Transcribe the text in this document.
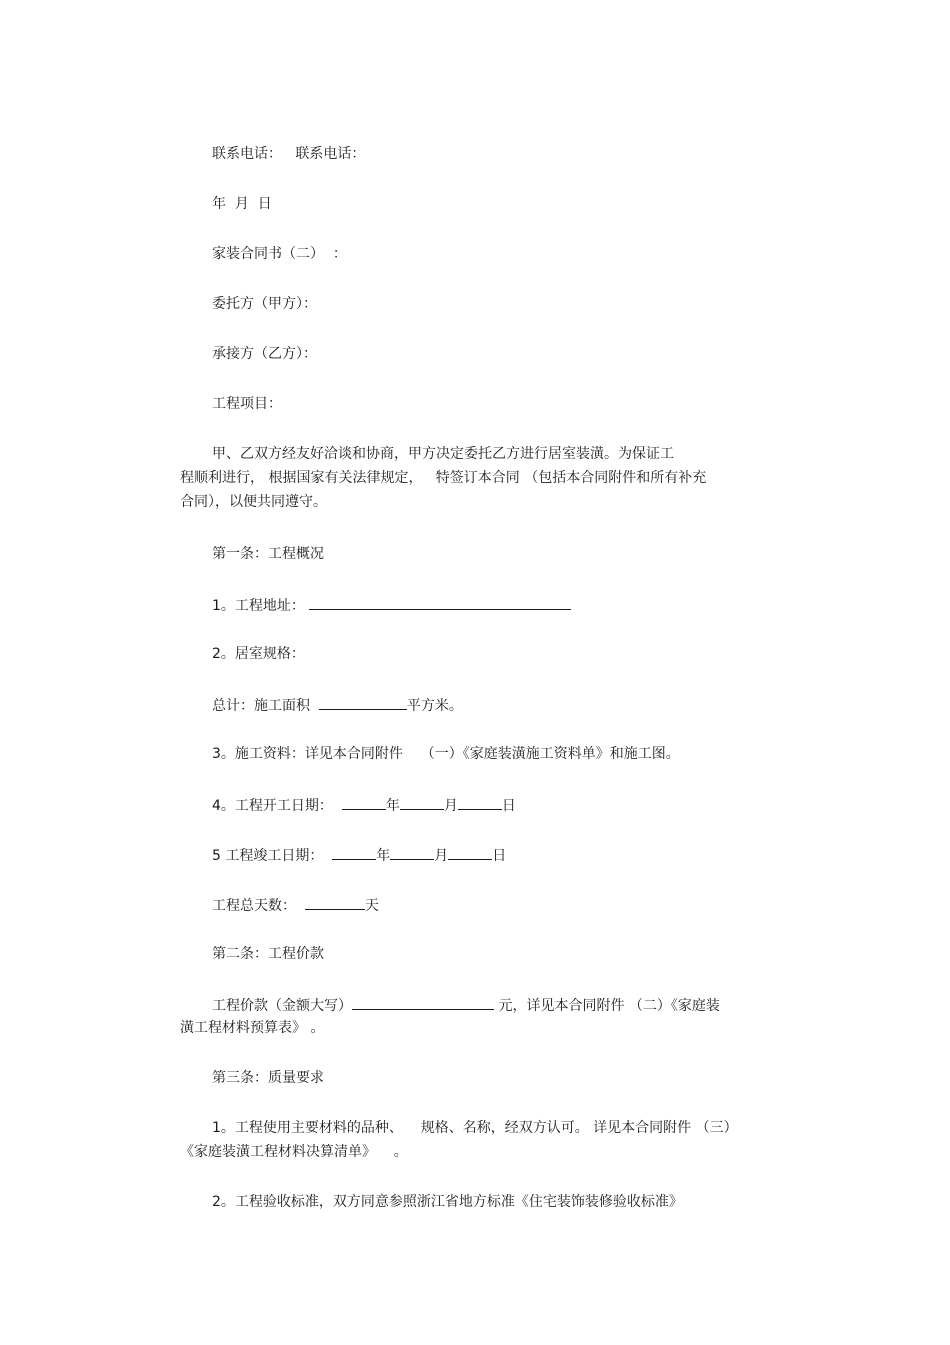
联系电话：   联系电话：
年  月  日
家装合同书（二）  ：
委托方（甲方）：
承接方（乙方）：
工程项目：
甲、乙双方经友好洽谈和协商，甲方决定委托乙方进行居室装潢。为保证工
程顺利进行， 根据国家有关法律规定，   特签订本合同 （包括本合同附件和所有补充
合同），以便共同遵守。
第一条：工程概况
1。工程地址：
2。居室规格：
总计：施工面积	平方米。
3。施工资料：详见本合同附件    （一）《家庭装潢施工资料单》和施工图。
4。工程开工日期：	年	月	日
5 工程竣工日期：	年	月	日
工程总天数：	天
第二条：工程价款
工程价款（金额大写）	元，详见本合同附件 （二）《家庭装
潢工程材料预算表》 。
第三条：质量要求
1。工程使用主要材料的品种、    规格、名称，经双方认可。 详见本合同附件 （三）
《家庭装潢工程材料决算清单》    。
2。工程验收标准，双方同意参照浙江省地方标准《住宅装饰装修验收标准》
